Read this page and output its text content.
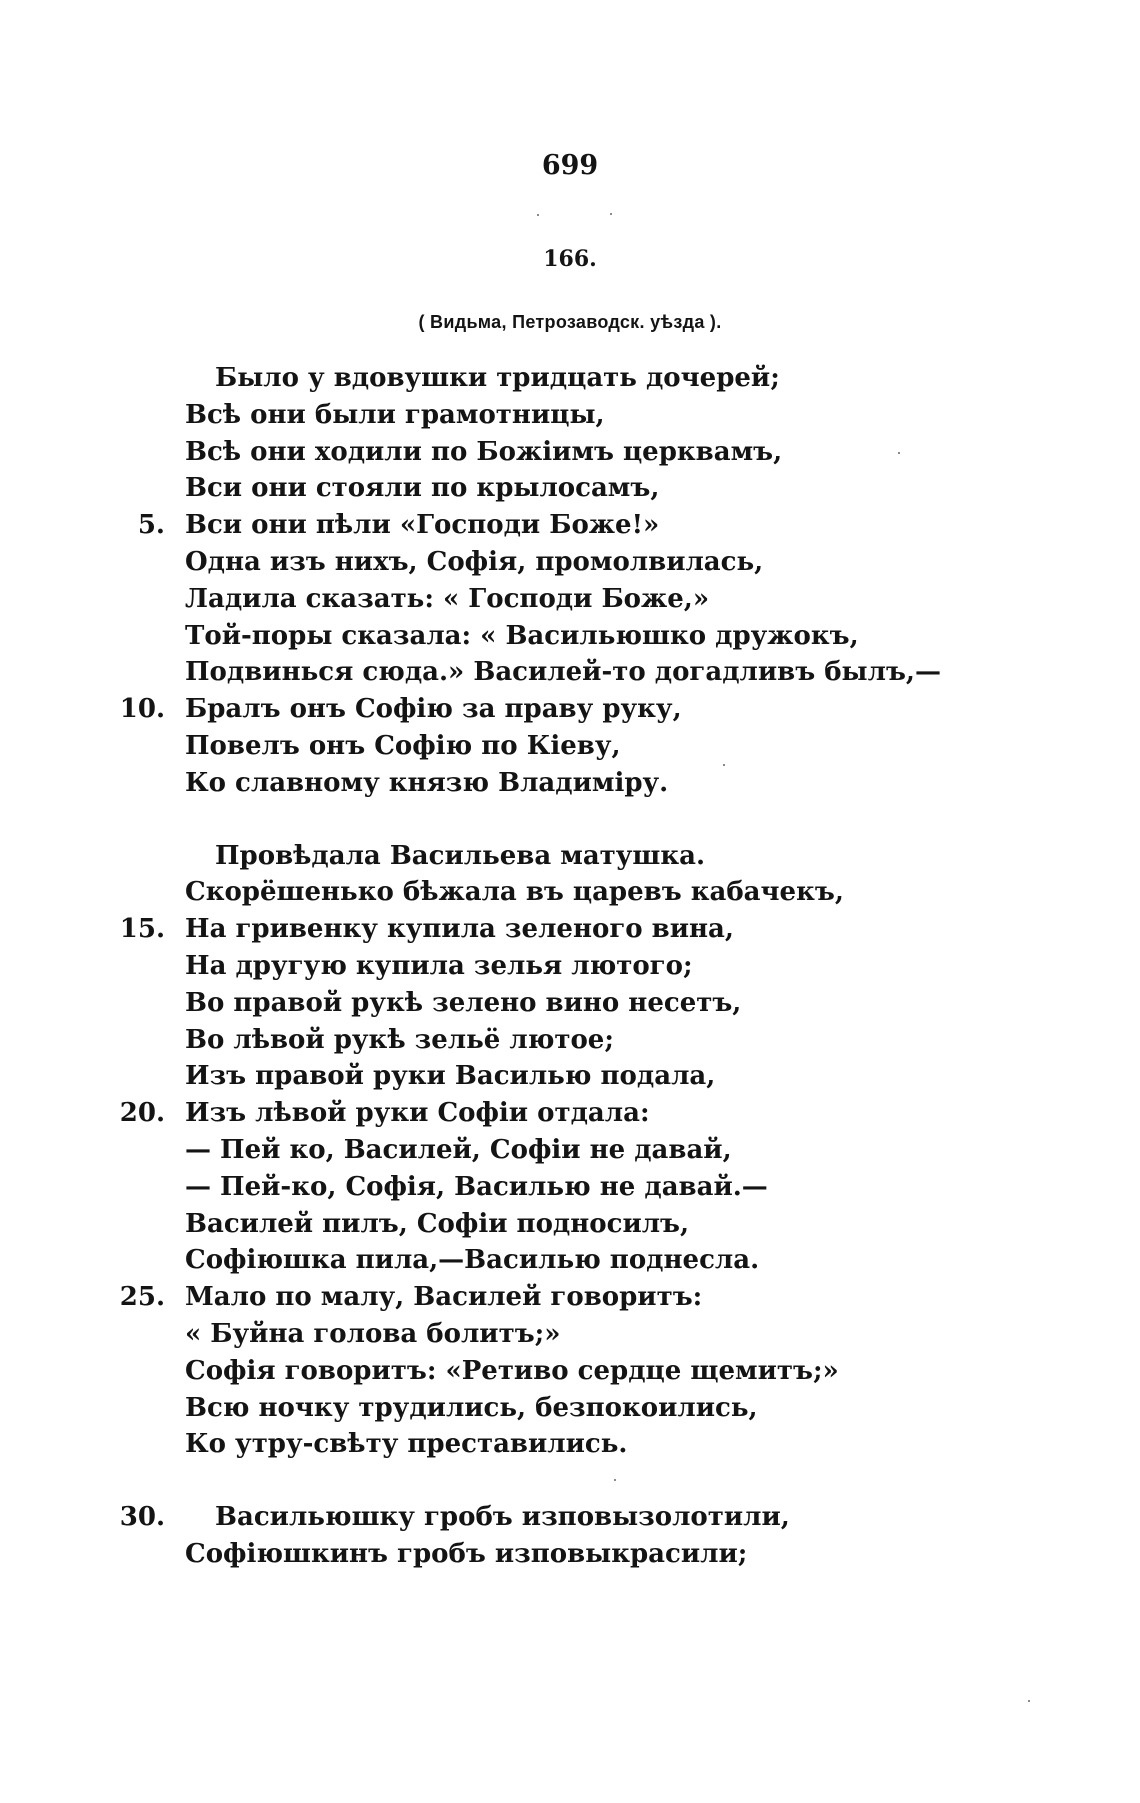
699
166.
( Видьма, Петрозаводск. уѣзда ).
Было у вдовушки тридцать дочерей;
Всѣ они были грамотницы,
Всѣ они ходили по Божіимъ церквамъ,
Вси они стояли по крылосамъ,
5. Вси они пѣли «Господи Боже!»
Одна изъ нихъ, Софія, промолвилась,
Ладила сказать: « Господи Боже,»
Той-поры сказала: « Васильюшко дружокъ,
Подвинься сюда.» Василей-то догадливъ былъ,—
10. Бралъ онъ Софію за праву руку,
Повелъ онъ Софію по Кіеву,
Ко славному князю Владиміру.
Провѣдала Васильева матушка.
Скорёшенько бѣжала въ царевъ кабачекъ,
15. На гривенку купила зеленого вина,
На другую купила зелья лютого;
Во правой рукѣ зелено вино несетъ,
Во лѣвой рукѣ зельё лютое;
Изъ правой руки Василью подала,
20. Изъ лѣвой руки Софіи отдала:
— Пей ко, Василей, Софіи не давай,
— Пей-ко, Софія, Василью не давай.—
Василей пилъ, Софіи подносилъ,
Софіюшка пила,—Василью поднесла.
25. Мало по малу, Василей говоритъ:
« Буйна голова болитъ;»
Софія говоритъ: «Ретиво сердце щемитъ;»
Всю ночку трудились, безпокоились,
Ко утру-свѣту преставились.
30. Васильюшку гробъ изповызолотили,
Софіюшкинъ гробъ изповыкрасили;
